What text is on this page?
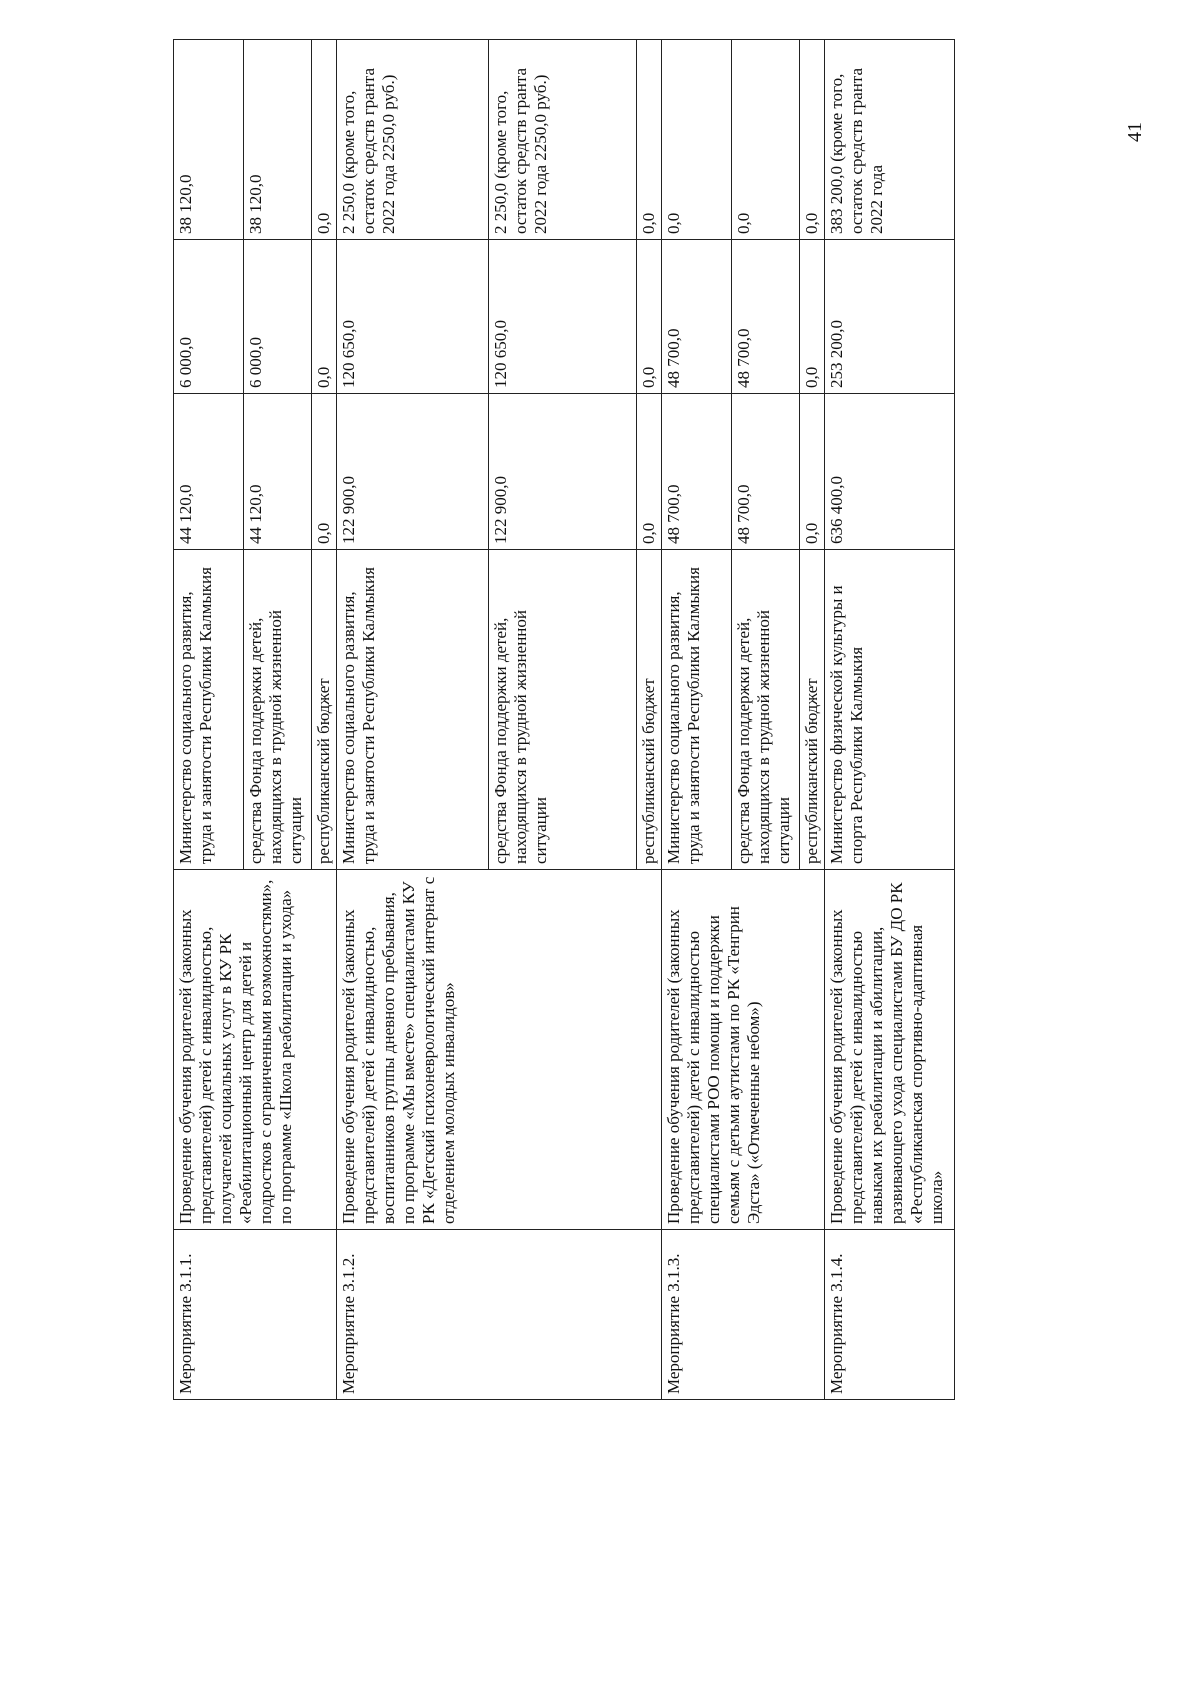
Мероприятие 3.1.1.	Проведение обучения родителей (законных представителей) детей с инвалидностью, получателей социальных услуг в КУ РК «Реабилитационный центр для детей и подростков с ограниченными возможностями», по программе «Школа реабилитации и ухода»	Министерство социального развития, труда и занятости Республики Калмыкия	44 120,0	6 000,0	38 120,0
		средства Фонда поддержки детей, находящихся в трудной жизненной ситуации	44 120,0	6 000,0	38 120,0
		республиканский бюджет	0,0	0,0	0,0
Мероприятие 3.1.2.	Проведение обучения родителей (законных представителей) детей с инвалидностью, воспитанников группы дневного пребывания, по программе «Мы вместе» специалистами КУ РК «Детский психоневрологический интернат с отделением молодых инвалидов»	Министерство социального развития, труда и занятости Республики Калмыкия	122 900,0	120 650,0	2 250,0 (кроме того, остаток средств гранта 2022 года 2250,0 руб.)
		средства Фонда поддержки детей, находящихся в трудной жизненной ситуации	122 900,0	120 650,0	2 250,0 (кроме того, остаток средств гранта 2022 года 2250,0 руб.)
		республиканский бюджет	0,0	0,0	0,0
Мероприятие 3.1.3.	Проведение обучения родителей (законных представителей) детей с инвалидностью специалистами РОО помощи и поддержки семьям с детьми аутистами по РК «Тенгрин Эдста» («Отмеченные небом»)	Министерство социального развития, труда и занятости Республики Калмыкия	48 700,0	48 700,0	0,0
		средства Фонда поддержки детей, находящихся в трудной жизненной ситуации	48 700,0	48 700,0	0,0
		республиканский бюджет	0,0	0,0	0,0
Мероприятие 3.1.4.	Проведение обучения родителей (законных представителей) детей с инвалидностью навыкам их реабилитации и абилитации, развивающего ухода специалистами БУ ДО РК «Республиканская спортивно-адаптивная школа»	Министерство физической культуры и спорта Республики Калмыкия	636 400,0	253 200,0	383 200,0 (кроме того, остаток средств гранта 2022 года
41
